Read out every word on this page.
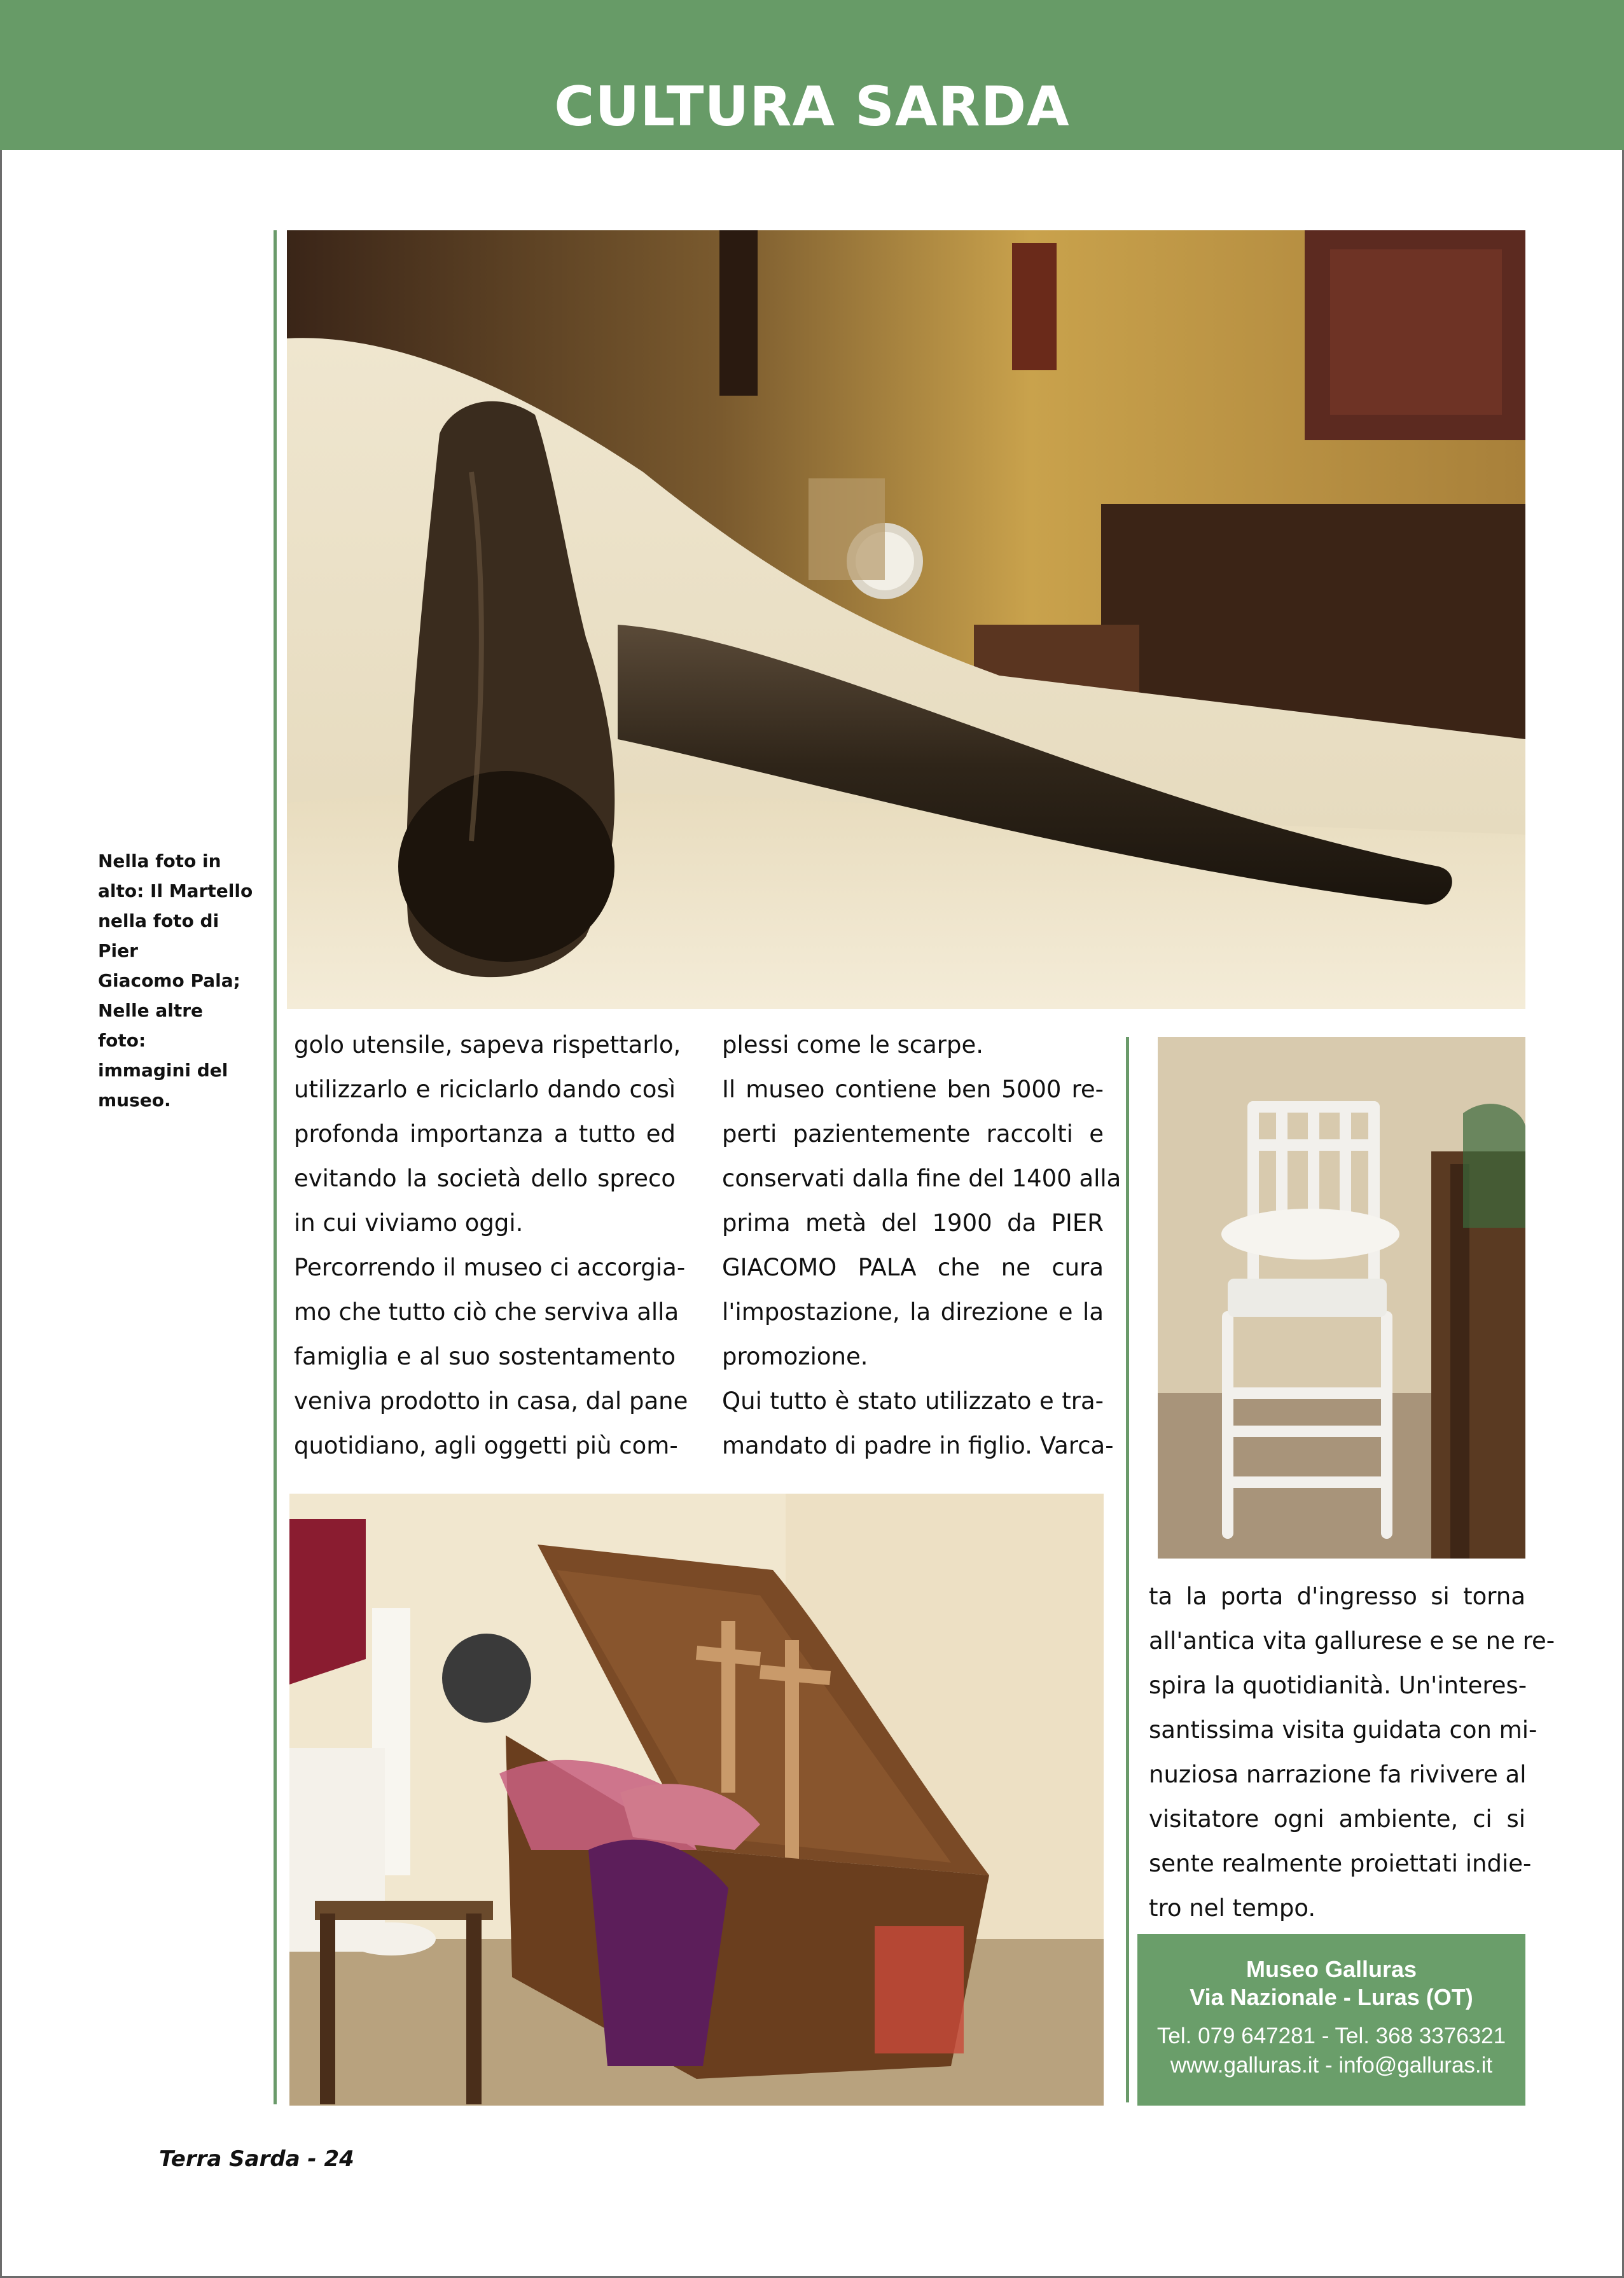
CULTURA SARDA
Nella foto in
alto: Il Martello
nella foto di Pier
Giacomo Pala;
Nelle altre foto:
immagini del
museo.
golo utensile, sapeva rispettarlo,
utilizzarlo e riciclarlo dando così
profonda importanza a tutto ed
evitando la società dello spreco
in cui viviamo oggi.
Percorrendo il museo ci accorgia-
mo che tutto ciò che serviva alla
famiglia e al suo sostentamento
veniva prodotto in casa, dal pane
quotidiano, agli oggetti più com-
plessi come le scarpe.
Il museo contiene ben 5000 re-
perti pazientemente raccolti e
conservati dalla fine del 1400 alla
prima metà del 1900 da PIER
GIACOMO PALA che ne cura
l'impostazione, la direzione e la
promozione.
Qui tutto è stato utilizzato e tra-
mandato di padre in figlio. Varca-
ta la porta d'ingresso si torna
all'antica vita gallurese e se ne re-
spira la quotidianità. Un'interes-
santissima visita guidata con mi-
nuziosa narrazione fa rivivere al
visitatore ogni ambiente, ci si
sente realmente proiettati indie-
tro nel tempo.
Museo Galluras
Via Nazionale - Luras (OT)
Tel. 079 647281 - Tel. 368 3376321
www.galluras.it - info@galluras.it
Terra Sarda - 24
